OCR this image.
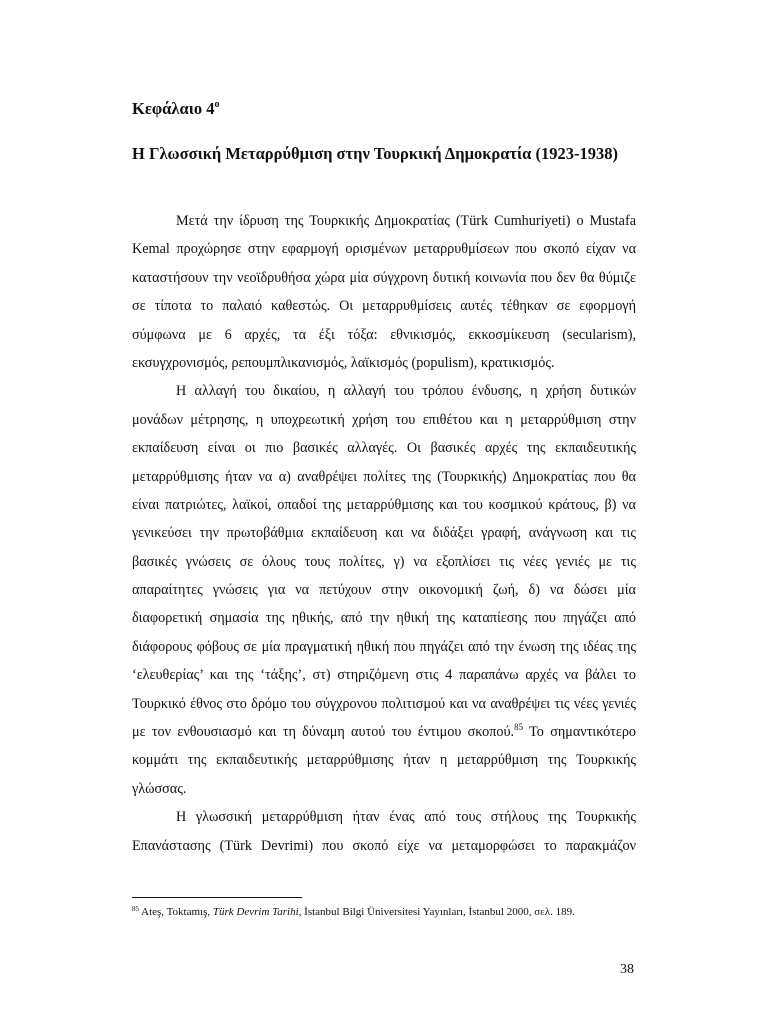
Κεφάλαιο $4^o$
Η Γλωσσική Μεταρρύθμιση στην Τουρκική Δημοκρατία (1923-1938)
Μετά την ίδρυση της Τουρκικής Δημοκρατίας (Türk Cumhuriyeti) ο Mustafa
Kemal προχώρησε στην εφαρμογή ορισμένων μεταρρυθμίσεων που σκοπό είχαν να
καταστήσουν την νεοϊδρυθήσα χώρα μία σύγχρονη δυτική κοινωνία που δεν θα θύμιζε
σε τίποτα το παλαιό καθεστώς. Οι μεταρρυθμίσεις αυτές τέθηκαν σε εφορμογή
σύμφωνα με 6 αρχές, τα έξι τόξα: εθνικισμός, εκκοσμίκευση (secularism),
εκσυγχρονισμός, ρεπουμπλικανισμός, λαϊκισμός (populism), κρατικισμός.
Η αλλαγή του δικαίου, η αλλαγή του τρόπου ένδυσης, η χρήση δυτικών
μονάδων μέτρησης, η υποχρεωτική χρήση του επιθέτου και η μεταρρύθμιση στην
εκπαίδευση είναι οι πιο βασικές αλλαγές. Οι βασικές αρχές της εκπαιδευτικής
μεταρρύθμισης ήταν να α) αναθρέψει πολίτες της (Τουρκικής) Δημοκρατίας που θα
είναι πατριώτες, λαϊκοί, οπαδοί της μεταρρύθμισης και του κοσμικού κράτους, β) να
γενικεύσει την πρωτοβάθμια εκπαίδευση και να διδάξει γραφή, ανάγνωση και τις
βασικές γνώσεις σε όλους τους πολίτες, γ) να εξοπλίσει τις νέες γενιές με τις
απαραίτητες γνώσεις για να πετύχουν στην οικονομική ζωή, δ) να δώσει μία
διαφορετική σημασία της ηθικής, από την ηθική της καταπίεσης που πηγάζει από
διάφορους φόβους σε μία πραγματική ηθική που πηγάζει από την ένωση της ιδέας της
‘ελευθερίας’ και της ‘τάξης’, στ) στηριζόμενη στις 4 παραπάνω αρχές να βάλει το
Τουρκικό έθνος στο δρόμο του σύγχρονου πολιτισμού και να αναθρέψει τις νέες γενιές
με τον ενθουσιασμό και τη δύναμη αυτού του έντιμου σκοπού.$^{85}$ Το σημαντικότερο
κομμάτι της εκπαιδευτικής μεταρρύθμισης ήταν η μεταρρύθμιση της Τουρκικής
γλώσσας.
Η γλωσσική μεταρρύθμιση ήταν ένας από τους στήλους της Τουρκικής
Επανάστασης (Türk Devrimi) που σκοπό είχε να μεταμορφώσει το παρακμάζον
$^{85}$ Ateş, Toktamış, Türk Devrim Tarihi, İstanbul Bilgi Üniversitesi Yayınları, İstanbul 2000, σελ. 189.
38
